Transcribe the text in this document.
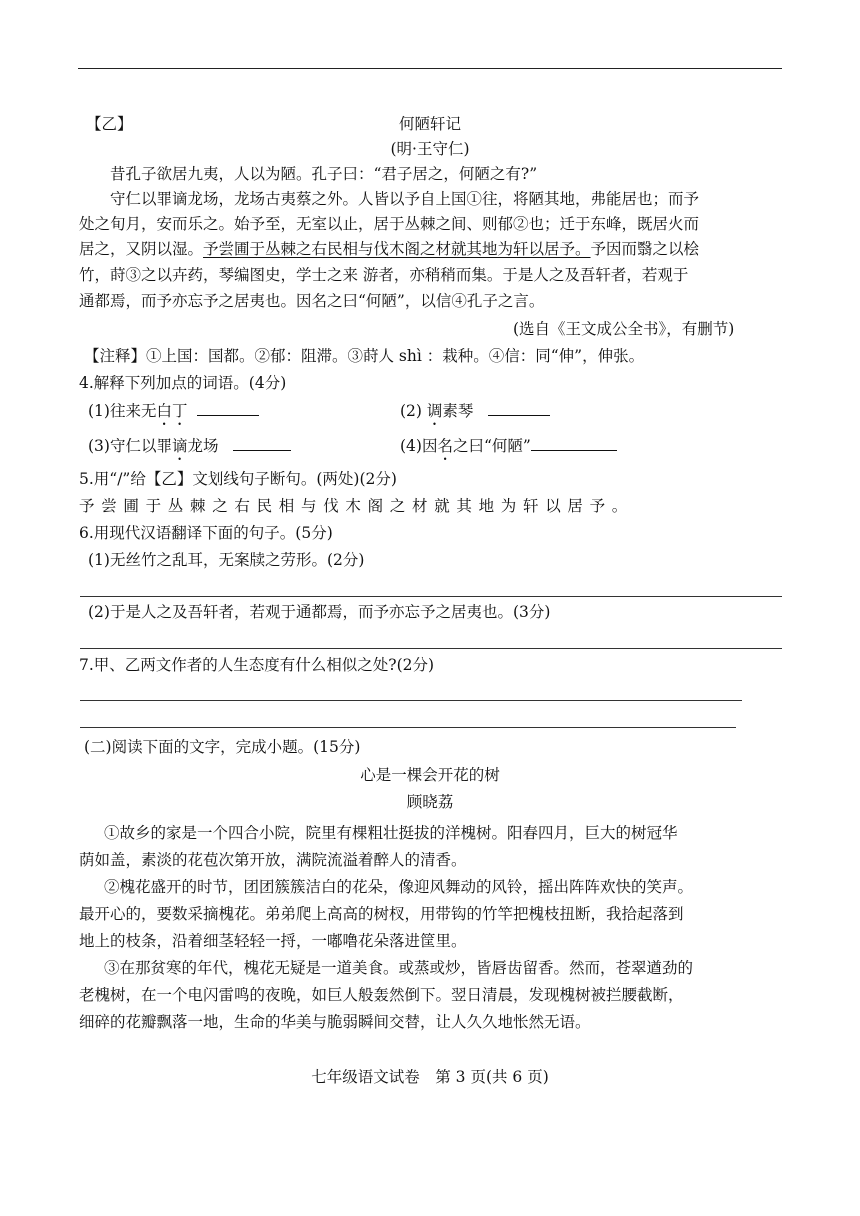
【乙】	何陋轩记
(明·王守仁)
昔孔子欲居九夷，人以为陋。孔子曰：“君子居之，何陋之有?”
守仁以罪谪龙场，龙场古夷蔡之外。人皆以予自上国①往，将陋其地，弗能居也；而予
处之旬月，安而乐之。始予至，无室以止，居于丛棘之间、则郁②也；迁于东峰，既居火而
居之，又阴以湿。予尝圃于丛棘之右民相与伐木阁之材就其地为轩以居予。予因而翳之以桧
竹，莳③之以卉药，琴编图史，学士之来 游者，亦稍稍而集。于是人之及吾轩者，若观于
通都焉，而予亦忘予之居夷也。因名之曰“何陋”，以信④孔子之言。
(选自《王文成公全书》，有删节)
【注释】①上国：国都。②郁：阻滞。③莳人 shì ：栽种。④信：同“伸”，伸张。
4.解释下列加点的词语。(4分)
(1)往来无白丁	(2) 调素琴
(3)守仁以罪谪龙场	(4)因名之曰“何陋”
5.用“/”给【乙】文划线句子断句。(两处)(2分)
予尝圃于丛棘之右民相与伐木阁之材就其地为轩以居予。
6.用现代汉语翻译下面的句子。(5分)
(1)无丝竹之乱耳，无案牍之劳形。(2分)
(2)于是人之及吾轩者，若观于通都焉，而予亦忘予之居夷也。(3分)
7.甲、乙两文作者的人生态度有什么相似之处?(2分)
(二)阅读下面的文字，完成小题。(15分)
心是一棵会开花的树
顾晓荔
①故乡的家是一个四合小院，院里有棵粗壮挺拔的洋槐树。阳春四月，巨大的树冠华
荫如盖，素淡的花苞次第开放，满院流溢着醉人的清香。
②槐花盛开的时节，团团簇簇洁白的花朵，像迎风舞动的风铃，摇出阵阵欢快的笑声。
最开心的，要数采摘槐花。弟弟爬上高高的树杈，用带钩的竹竿把槐枝扭断，我拾起落到
地上的枝条，沿着细茎轻轻一捋，一嘟噜花朵落进筐里。
③在那贫寒的年代，槐花无疑是一道美食。或蒸或炒，皆唇齿留香。然而，苍翠遒劲的
老槐树，在一个电闪雷鸣的夜晚，如巨人般轰然倒下。翌日清晨，发现槐树被拦腰截断，
细碎的花瓣飘落一地，生命的华美与脆弱瞬间交替，让人久久地怅然无语。
七年级语文试卷　第 3 页(共 6 页)
